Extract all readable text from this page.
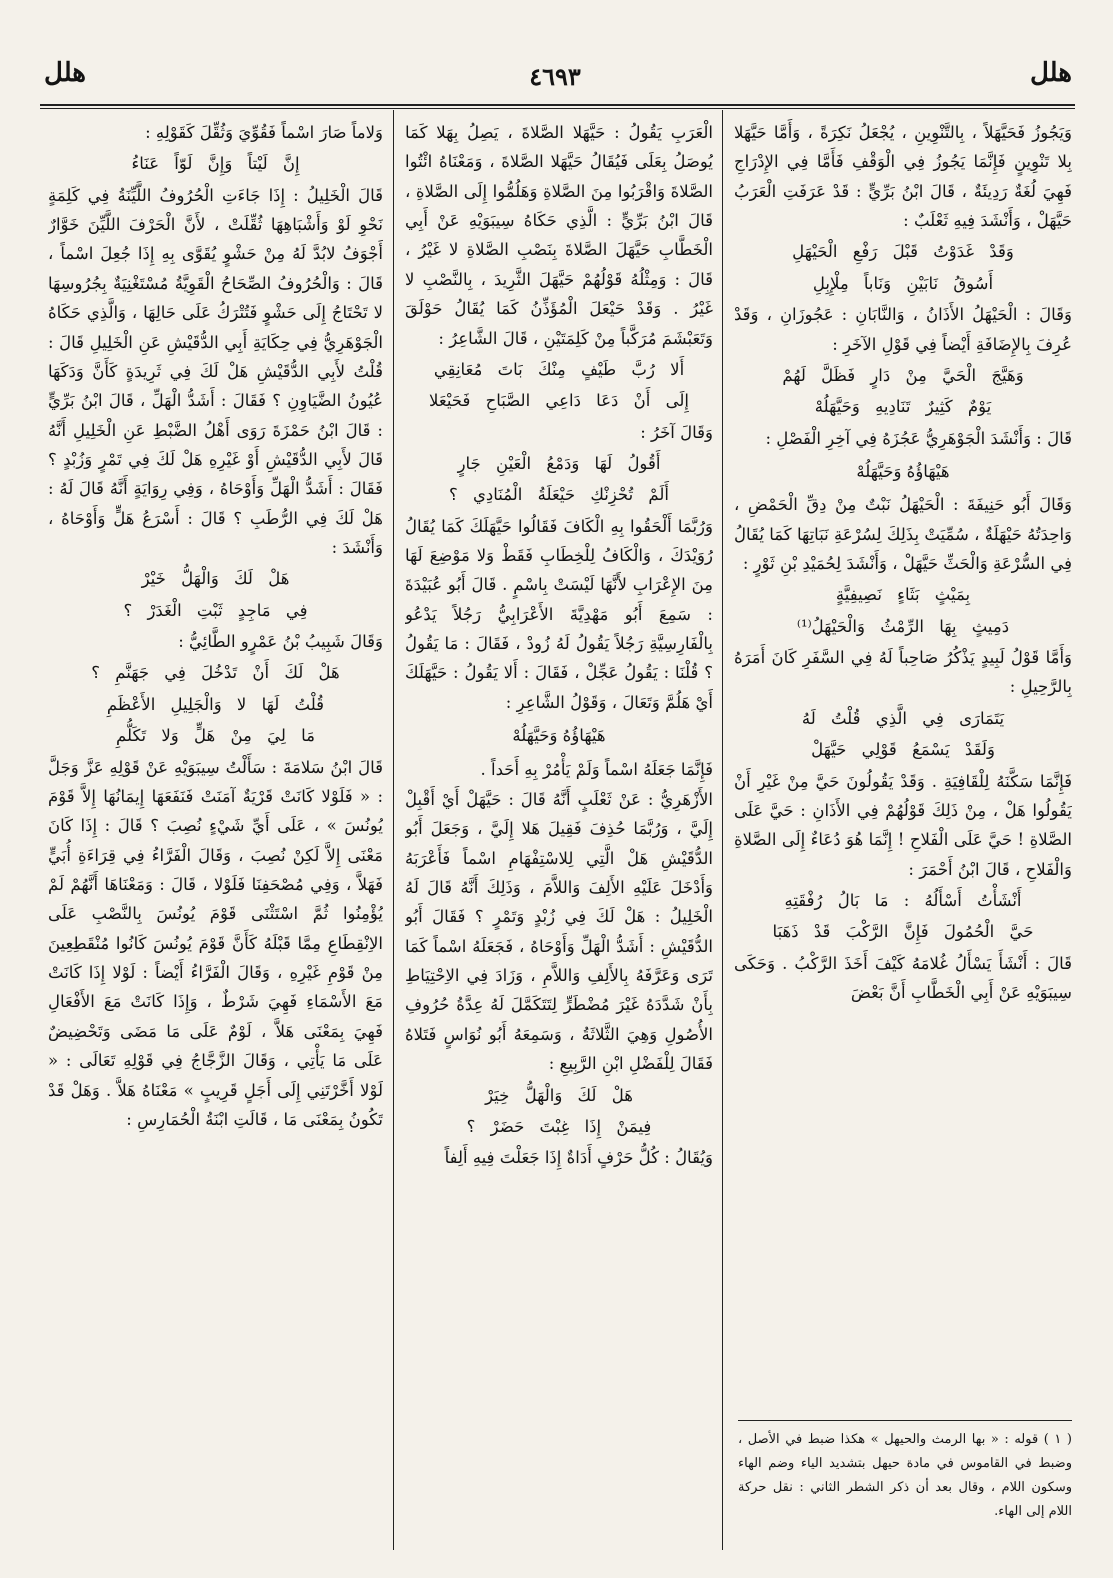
هلل
٤٦٩٣
هلل

وَيَجُوزُ فَحَيَّهَلاً ، بِالتَّنْوِينِ ، يُجْعَلُ نَكِرَةً ، وَأَمَّا حَيَّهَلا بِلا تَنْوِينٍ فَإِنَّمَا يَجُوزُ فِي الْوَقْفِ فَأَمَّا فِي الإِدْرَاجِ فَهِيَ لُغَةٌ رَدِيئَةٌ ، قَالَ ابْنُ بَرِّيٍّ : قَدْ عَرَفَتِ الْعَرَبُ حَيَّهَلْ ، وَأَنْشَدَ فِيهِ ثَعْلَبٌ :

وَقَدْ غَدَوْتُ قَبْلَ رَفْعِ الْحَيْهَلِ

أَسُوقُ نَابَيْنِ وَنَاباً مِلْإِبِلِ

وَقَالَ : الْحَيْهَلُ الأَذَانُ ، وَالنَّابَانِ : عَجُوزَانِ ، وَقَدْ عُرِفَ بِالإِضَافَةِ أَيْضاً فِي قَوْلِ الآخَرِ :

وَهَيَّجَ الْحَيَّ مِنْ دَارٍ فَظَلَّ لَهُمْ

يَوْمٌ كَثِيرٌ تَنَادِيهِ وَحَيَّهَلُهْ

قَالَ : وَأَنْشَدَ الْجَوْهَرِيُّ عَجُزَهُ فِي آخِرِ الْفَصْلِ :

هَيْهَاؤُهُ وَحَيَّهَلُهْ

وَقَالَ أَبُو حَنِيفَةَ : الْحَيْهَلُ نَبْتٌ مِنْ دِقِّ الْحَمْضِ ، وَاحِدَتُهُ حَيْهَلَةٌ ، سُمِّيَتْ بِذَلِكَ لِسُرْعَةِ نَبَاتِهَا كَمَا يُقَالُ فِي السُّرْعَةِ وَالْحَثِّ حَيَّهَلْ ، وَأَنْشَدَ لِحُمَيْدِ بْنِ ثَوْرٍ :

بِمَيْثٍ بَثَاءٍ نَصِيفِيَّةٍ

دَمِيثٍ بِهَا الرِّمْثُ وَالْحَيْهَلُ⁽¹⁾

وَأَمَّا قَوْلُ لَبِيدٍ يَذْكُرُ صَاحِباً لَهُ فِي السَّفَرِ كَانَ أَمَرَهُ بِالرَّحِيلِ :

يَتَمَارَى فِي الَّذِي قُلْتُ لَهُ

وَلَقَدْ يَسْمَعُ قَوْلِي حَيَّهَلْ

فَإِنَّمَا سَكَّنَهُ لِلْقَافِيَةِ . وَقَدْ يَقُولُونَ حَيَّ مِنْ غَيْرِ أَنْ يَقُولُوا هَلْ ، مِنْ ذَلِكَ قَوْلُهُمْ فِي الأَذَانِ : حَيَّ عَلَى الصَّلاةِ ! حَيَّ عَلَى الْفَلاحِ ! إِنَّمَا هُوَ دُعَاءٌ إِلَى الصَّلاةِ وَالْفَلاحِ ، قَالَ ابْنُ أَحْمَرَ :

أَنْشَأْتُ أَسْأَلُهُ : مَا بَالُ رُفْقَتِهِ

حَيَّ الْحُمُولَ فَإِنَّ الرَّكْبَ قَدْ ذَهَبَا

قَالَ : أَنْشَأَ يَسْأَلُ غُلامَهُ كَيْفَ أَخَذَ الرَّكْبُ . وَحَكَى سِيبَوَيْهِ عَنْ أَبِي الْخَطَّابِ أَنَّ بَعْضَ

الْعَرَبِ يَقُولُ : حَيَّهَلا الصَّلاةَ ، يَصِلُ بِهَلا كَمَا يُوصَلُ بِعَلَى فَيُقَالُ حَيَّهَلا الصَّلاةَ ، وَمَعْنَاهُ ائْتُوا الصَّلاةَ وَاقْرَبُوا مِنَ الصَّلاةِ وَهَلُمُّوا إِلَى الصَّلاةِ ، قَالَ ابْنُ بَرِّيٍّ : الَّذِي حَكَاهُ سِيبَوَيْهِ عَنْ أَبِي الْخَطَّابِ حَيَّهَلَ الصَّلاةَ بِنَصْبِ الصَّلاةِ لا غَيْرُ ، قَالَ : وَمِثْلُهُ قَوْلُهُمْ حَيَّهَلَ الثَّرِيدَ ، بِالنَّصْبِ لا غَيْرُ . وَقَدْ حَيْعَلَ الْمُؤَذِّنُ كَمَا يُقَالُ حَوْلَقَ وَتَعَبْشَمَ مُرَكَّباً مِنْ كَلِمَتَيْنِ ، قَالَ الشَّاعِرُ :

أَلا رُبَّ طَيْفٍ مِنْكَ بَاتَ مُعَانِقِي

إِلَى أَنْ دَعَا دَاعِي الصَّبَاحِ فَحَيْعَلا

وَقَالَ آخَرُ :

أَقُولُ لَهَا وَدَمْعُ الْعَيْنِ جَارٍ

أَلَمْ تُحْزِنْكِ حَيْعَلَةُ الْمُنَادِي ؟

وَرُبَّمَا أَلْحَقُوا بِهِ الْكَافَ فَقَالُوا حَيَّهَلَكَ كَمَا يُقَالُ رُوَيْدَكَ ، وَالْكَافُ لِلْخِطَابِ فَقَطْ وَلا مَوْضِعَ لَهَا مِنَ الإِعْرَابِ لأَنَّهَا لَيْسَتْ بِاسْمٍ . قَالَ أَبُو عُبَيْدَةَ : سَمِعَ أَبُو مَهْدِيَّةَ الأَعْرَابِيُّ رَجُلاً يَدْعُو بِالْفَارِسِيَّةِ رَجُلاً يَقُولُ لَهُ زُودْ ، فَقَالَ : مَا يَقُولُ ؟ قُلْنَا : يَقُولُ عَجِّلْ ، فَقَالَ : أَلا يَقُولُ : حَيَّهَلَكَ أَيْ هَلُمَّ وَتَعَالَ ، وَقَوْلُ الشَّاعِرِ :

هَيْهَاؤُهُ وَحَيَّهَلُهْ

فَإِنَّمَا جَعَلَهُ اسْماً وَلَمْ يَأْمُرْ بِهِ أَحَداً .

الأَزْهَرِيُّ : عَنْ ثَعْلَبٍ أَنَّهُ قَالَ : حَيَّهَلْ أَيْ أَقْبِلْ إِلَيَّ ، وَرُبَّمَا حُذِفَ فَقِيلَ هَلا إِلَيَّ ، وَجَعَلَ أَبُو الدُّقَيْشِ هَلْ الَّتِي لِلاسْتِفْهَامِ اسْماً فَأَعْرَبَهُ وَأَدْخَلَ عَلَيْهِ الأَلِفَ وَاللاَّمَ ، وَذَلِكَ أَنَّهُ قَالَ لَهُ الْخَلِيلُ : هَلْ لَكَ فِي زُبْدٍ وَتَمْرٍ ؟ فَقَالَ أَبُو الدُّقَيْشِ : أَشَدُّ الْهَلِّ وَأَوْحَاهُ ، فَجَعَلَهُ اسْماً كَمَا تَرَى وَعَرَّفَهُ بِالأَلِفِ وَاللاَّمِ ، وَزَادَ فِي الاِحْتِيَاطِ بِأَنْ شَدَّدَهُ غَيْرَ مُضْطَرٍّ لِتَتَكَمَّلَ لَهُ عِدَّةُ حُرُوفِ الأُصُولِ وَهِيَ الثَّلاثَةُ ، وَسَمِعَهُ أَبُو نُوَاسٍ فَتَلاهُ فَقَالَ لِلْفَضْلِ ابْنِ الرَّبِيعِ :

هَلْ لَكَ وَالْهَلُّ خِيَرْ

فِيمَنْ إِذَا غِبْتَ حَضَرْ ؟

وَيُقَالُ : كُلُّ حَرْفٍ أَدَاةٌ إِذَا جَعَلْتَ فِيهِ أَلِفاً

وَلاماً صَارَ اسْماً فَقُوِّيَ وَثُقِّلَ كَقَوْلِهِ :

إِنَّ لَيْتاً وَإِنَّ لَوّاً عَنَاءُ

قَالَ الْخَلِيلُ : إِذَا جَاءَتِ الْحُرُوفُ اللَّيِّنَةُ فِي كَلِمَةٍ نَحْوِ لَوْ وَأَشْبَاهِهَا ثُقِّلَتْ ، لأَنَّ الْحَرْفَ اللَّيِّنَ خَوَّارٌ أَجْوَفُ لابُدَّ لَهُ مِنْ حَشْوٍ يُقَوَّى بِهِ إِذَا جُعِلَ اسْماً ، قَالَ : وَالْحُرُوفُ الصِّحَاحُ الْقَوِيَّةُ مُسْتَغْنِيَةٌ بِجُرُوسِهَا لا تَحْتَاجُ إِلَى حَشْوٍ فَتُتْرَكُ عَلَى حَالِهَا ، وَالَّذِي حَكَاهُ الْجَوْهَرِيُّ فِي حِكَايَةِ أَبِي الدُّقَيْشِ عَنِ الْخَلِيلِ قَالَ : قُلْتُ لأَبِي الدُّقَيْشِ هَلْ لَكَ فِي ثَرِيدَةٍ كَأَنَّ وَدَكَهَا عُيُونُ الضَّيَاوِنِ ؟ فَقَالَ : أَشَدُّ الْهَلِّ ، قَالَ ابْنُ بَرِّيٍّ : قَالَ ابْنُ حَمْزَةَ رَوَى أَهْلُ الضَّبْطِ عَنِ الْخَلِيلِ أَنَّهُ قَالَ لأَبِي الدُّقَيْشِ أَوْ غَيْرِهِ هَلْ لَكَ فِي تَمْرٍ وَزُبْدٍ ؟ فَقَالَ : أَشَدُّ الْهَلِّ وَأَوْحَاهُ ، وَفِي رِوَايَةٍ أَنَّهُ قَالَ لَهُ : هَلْ لَكَ فِي الرُّطَبِ ؟ قَالَ : أَسْرَعُ هَلٍّ وَأَوْحَاهُ ، وَأَنْشَدَ :

هَلْ لَكَ وَالْهَلُّ خَيْرْ

فِي مَاجِدٍ ثَبْتِ الْغَدَرْ ؟

وَقَالَ شَبِيبُ بْنُ عَمْرٍو الطَّائِيُّ :

هَلْ لَكَ أَنْ تَدْخُلَ فِي جَهَنَّمِ ؟

قُلْتُ لَهَا لا وَالْجَلِيلِ الأَعْظَمِ

مَا لِيَ مِنْ هَلٍّ وَلا تَكَلُّمِ

قَالَ ابْنُ سَلامَةَ : سَأَلْتُ سِيبَوَيْهِ عَنْ قَوْلِهِ عَزَّ وَجَلَّ : « فَلَوْلا كَانَتْ قَرْيَةٌ آمَنَتْ فَنَفَعَهَا إِيمَانُهَا إِلاَّ قَوْمَ يُونُسَ » ، عَلَى أَيِّ شَيْءٍ نُصِبَ ؟ قَالَ : إِذَا كَانَ مَعْنَى إِلاَّ لَكِنْ نُصِبَ ، وَقَالَ الْفَرَّاءُ فِي قِرَاءَةِ أُبَيٍّ فَهَلاَّ ، وَفِي مُصْحَفِنَا فَلَوْلا ، قَالَ : وَمَعْنَاهَا أَنَّهُمْ لَمْ يُؤْمِنُوا ثُمَّ اسْتَثْنَى قَوْمَ يُونُسَ بِالنَّصْبِ عَلَى الاِنْقِطَاعِ مِمَّا قَبْلَهُ كَأَنَّ قَوْمَ يُونُسَ كَانُوا مُنْقَطِعِينَ مِنْ قَوْمِ غَيْرِهِ ، وَقَالَ الْفَرَّاءُ أَيْضاً : لَوْلا إِذَا كَانَتْ مَعَ الأَسْمَاءِ فَهِيَ شَرْطٌ ، وَإِذَا كَانَتْ مَعَ الأَفْعَالِ فَهِيَ بِمَعْنَى هَلاَّ ، لَوْمٌ عَلَى مَا مَضَى وَتَحْضِيضٌ عَلَى مَا يَأْتِي ، وَقَالَ الزَّجَّاجُ فِي قَوْلِهِ تَعَالَى : « لَوْلا أَخَّرْتَنِي إِلَى أَجَلٍ قَرِيبٍ » مَعْنَاهُ هَلاَّ . وَهَلْ قَدْ تَكُونُ بِمَعْنَى مَا ، قَالَتِ ابْنَةُ الْحُمَارِسِ :

( ١ ) قوله : « بها الرمث والحيهل » هكذا ضبط في الأصل ، وضبط في القاموس في مادة حيهل بتشديد الياء وضم الهاء وسكون اللام ، وقال بعد أن ذكر الشطر الثاني : نقل حركة اللام إلى الهاء.
